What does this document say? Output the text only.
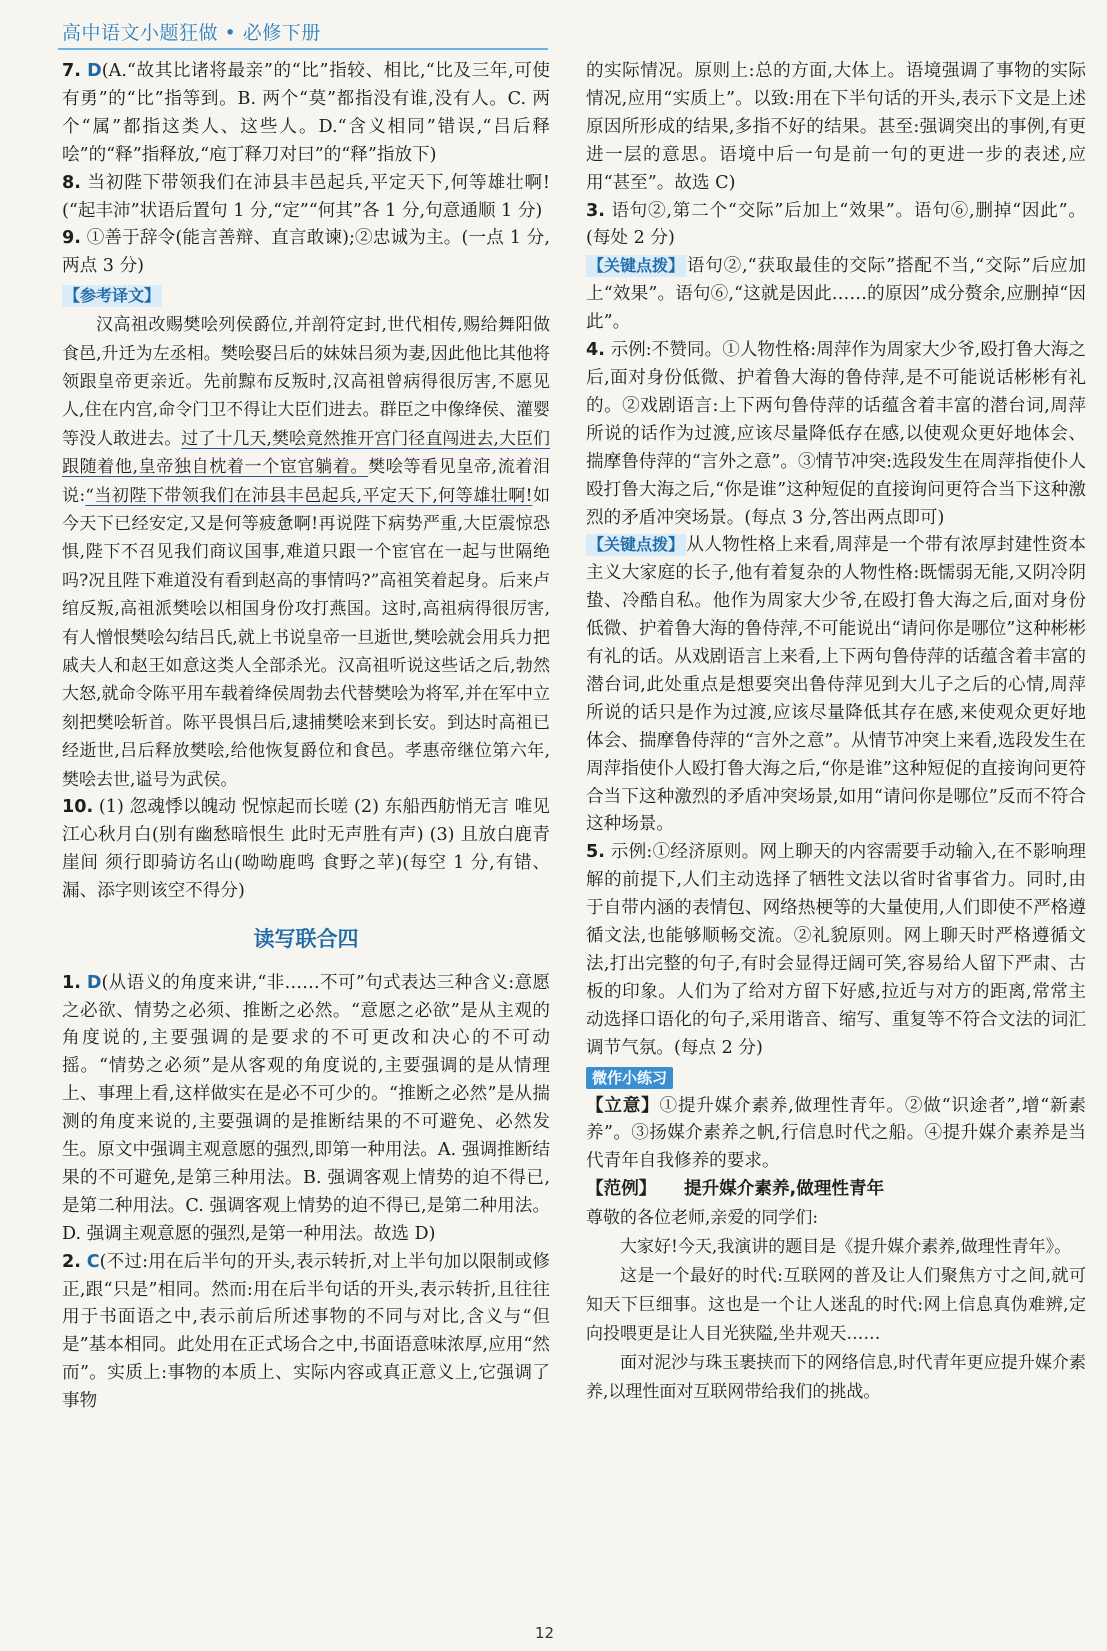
高中语文小题狂做 • 必修下册

7. D(A.“故其比诸将最亲”的“比”指较、相比,“比及三年,可使有勇”的“比”指等到。B. 两个“莫”都指没有谁,没有人。C. 两个“属”都指这类人、这些人。D.“含义相同”错误,“吕后释哙”的“释”指释放,“庖丁释刀对曰”的“释”指放下)

8. 当初陛下带领我们在沛县丰邑起兵,平定天下,何等雄壮啊!(“起丰沛”状语后置句 1 分,“定”“何其”各 1 分,句意通顺 1 分)

9. ①善于辞令(能言善辩、直言敢谏);②忠诚为主。(一点 1 分,两点 3 分)

【参考译文】

汉高祖改赐樊哙列侯爵位,并剖符定封,世代相传,赐给舞阳做食邑,升迁为左丞相。樊哙娶吕后的妹妹吕须为妻,因此他比其他将领跟皇帝更亲近。先前黥布反叛时,汉高祖曾病得很厉害,不愿见人,住在内宫,命令门卫不得让大臣们进去。群臣之中像绛侯、灌婴等没人敢进去。过了十几天,樊哙竟然推开宫门径直闯进去,大臣们跟随着他,皇帝独自枕着一个宦官躺着。樊哙等看见皇帝,流着泪说:“当初陛下带领我们在沛县丰邑起兵,平定天下,何等雄壮啊!如今天下已经安定,又是何等疲惫啊!再说陛下病势严重,大臣震惊恐惧,陛下不召见我们商议国事,难道只跟一个宦官在一起与世隔绝吗?况且陛下难道没有看到赵高的事情吗?”高祖笑着起身。后来卢绾反叛,高祖派樊哙以相国身份攻打燕国。这时,高祖病得很厉害,有人憎恨樊哙勾结吕氏,就上书说皇帝一旦逝世,樊哙就会用兵力把戚夫人和赵王如意这类人全部杀光。汉高祖听说这些话之后,勃然大怒,就命令陈平用车载着绛侯周勃去代替樊哙为将军,并在军中立刻把樊哙斩首。陈平畏惧吕后,逮捕樊哙来到长安。到达时高祖已经逝世,吕后释放樊哙,给他恢复爵位和食邑。孝惠帝继位第六年,樊哙去世,谥号为武侯。

10. (1) 忽魂悸以魄动 怳惊起而长嗟 (2) 东船西舫悄无言 唯见江心秋月白(别有幽愁暗恨生 此时无声胜有声) (3) 且放白鹿青崖间 须行即骑访名山(呦呦鹿鸣 食野之苹)(每空 1 分,有错、漏、添字则该空不得分)

读写联合四

1. D(从语义的角度来讲,“非……不可”句式表达三种含义:意愿之必欲、情势之必须、推断之必然。“意愿之必欲”是从主观的角度说的,主要强调的是要求的不可更改和决心的不可动摇。“情势之必须”是从客观的角度说的,主要强调的是从情理上、事理上看,这样做实在是必不可少的。“推断之必然”是从揣测的角度来说的,主要强调的是推断结果的不可避免、必然发生。原文中强调主观意愿的强烈,即第一种用法。A. 强调推断结果的不可避免,是第三种用法。B. 强调客观上情势的迫不得已,是第二种用法。C. 强调客观上情势的迫不得已,是第二种用法。D. 强调主观意愿的强烈,是第一种用法。故选 D)

2. C(不过:用在后半句的开头,表示转折,对上半句加以限制或修正,跟“只是”相同。然而:用在后半句话的开头,表示转折,且往往用于书面语之中,表示前后所述事物的不同与对比,含义与“但是”基本相同。此处用在正式场合之中,书面语意味浓厚,应用“然而”。实质上:事物的本质上、实际内容或真正意义上,它强调了事物

的实际情况。原则上:总的方面,大体上。语境强调了事物的实际情况,应用“实质上”。以致:用在下半句话的开头,表示下文是上述原因所形成的结果,多指不好的结果。甚至:强调突出的事例,有更进一层的意思。语境中后一句是前一句的更进一步的表述,应用“甚至”。故选 C)

3. 语句②,第二个“交际”后加上“效果”。语句⑥,删掉“因此”。(每处 2 分)

【关键点拨】 语句②,“获取最佳的交际”搭配不当,“交际”后应加上“效果”。语句⑥,“这就是因此……的原因”成分赘余,应删掉“因此”。

4. 示例:不赞同。①人物性格:周萍作为周家大少爷,殴打鲁大海之后,面对身份低微、护着鲁大海的鲁侍萍,是不可能说话彬彬有礼的。②戏剧语言:上下两句鲁侍萍的话蕴含着丰富的潜台词,周萍所说的话作为过渡,应该尽量降低存在感,以使观众更好地体会、揣摩鲁侍萍的“言外之意”。③情节冲突:选段发生在周萍指使仆人殴打鲁大海之后,“你是谁”这种短促的直接询问更符合当下这种激烈的矛盾冲突场景。(每点 3 分,答出两点即可)

【关键点拨】 从人物性格上来看,周萍是一个带有浓厚封建性资本主义大家庭的长子,他有着复杂的人物性格:既懦弱无能,又阴冷阴蛰、冷酷自私。他作为周家大少爷,在殴打鲁大海之后,面对身份低微、护着鲁大海的鲁侍萍,不可能说出“请问你是哪位”这种彬彬有礼的话。从戏剧语言上来看,上下两句鲁侍萍的话蕴含着丰富的潜台词,此处重点是想要突出鲁侍萍见到大儿子之后的心情,周萍所说的话只是作为过渡,应该尽量降低其存在感,来使观众更好地体会、揣摩鲁侍萍的“言外之意”。从情节冲突上来看,选段发生在周萍指使仆人殴打鲁大海之后,“你是谁”这种短促的直接询问更符合当下这种激烈的矛盾冲突场景,如用“请问你是哪位”反而不符合这种场景。

5. 示例:①经济原则。网上聊天的内容需要手动输入,在不影响理解的前提下,人们主动选择了牺牲文法以省时省事省力。同时,由于自带内涵的表情包、网络热梗等的大量使用,人们即使不严格遵循文法,也能够顺畅交流。②礼貌原则。网上聊天时严格遵循文法,打出完整的句子,有时会显得迂阔可笑,容易给人留下严肃、古板的印象。人们为了给对方留下好感,拉近与对方的距离,常常主动选择口语化的句子,采用谐音、缩写、重复等不符合文法的词汇调节气氛。(每点 2 分)

微作小练习

【立意】①提升媒介素养,做理性青年。②做“识途者”,增“新素养”。③扬媒介素养之帆,行信息时代之船。④提升媒介素养是当代青年自我修养的要求。

【范例】 提升媒介素养,做理性青年

尊敬的各位老师,亲爱的同学们:

大家好!今天,我演讲的题目是《提升媒介素养,做理性青年》。

这是一个最好的时代:互联网的普及让人们聚焦方寸之间,就可知天下巨细事。这也是一个让人迷乱的时代:网上信息真伪难辨,定向投喂更是让人目光狭隘,坐井观天……

面对泥沙与珠玉裹挟而下的网络信息,时代青年更应提升媒介素养,以理性面对互联网带给我们的挑战。

12
